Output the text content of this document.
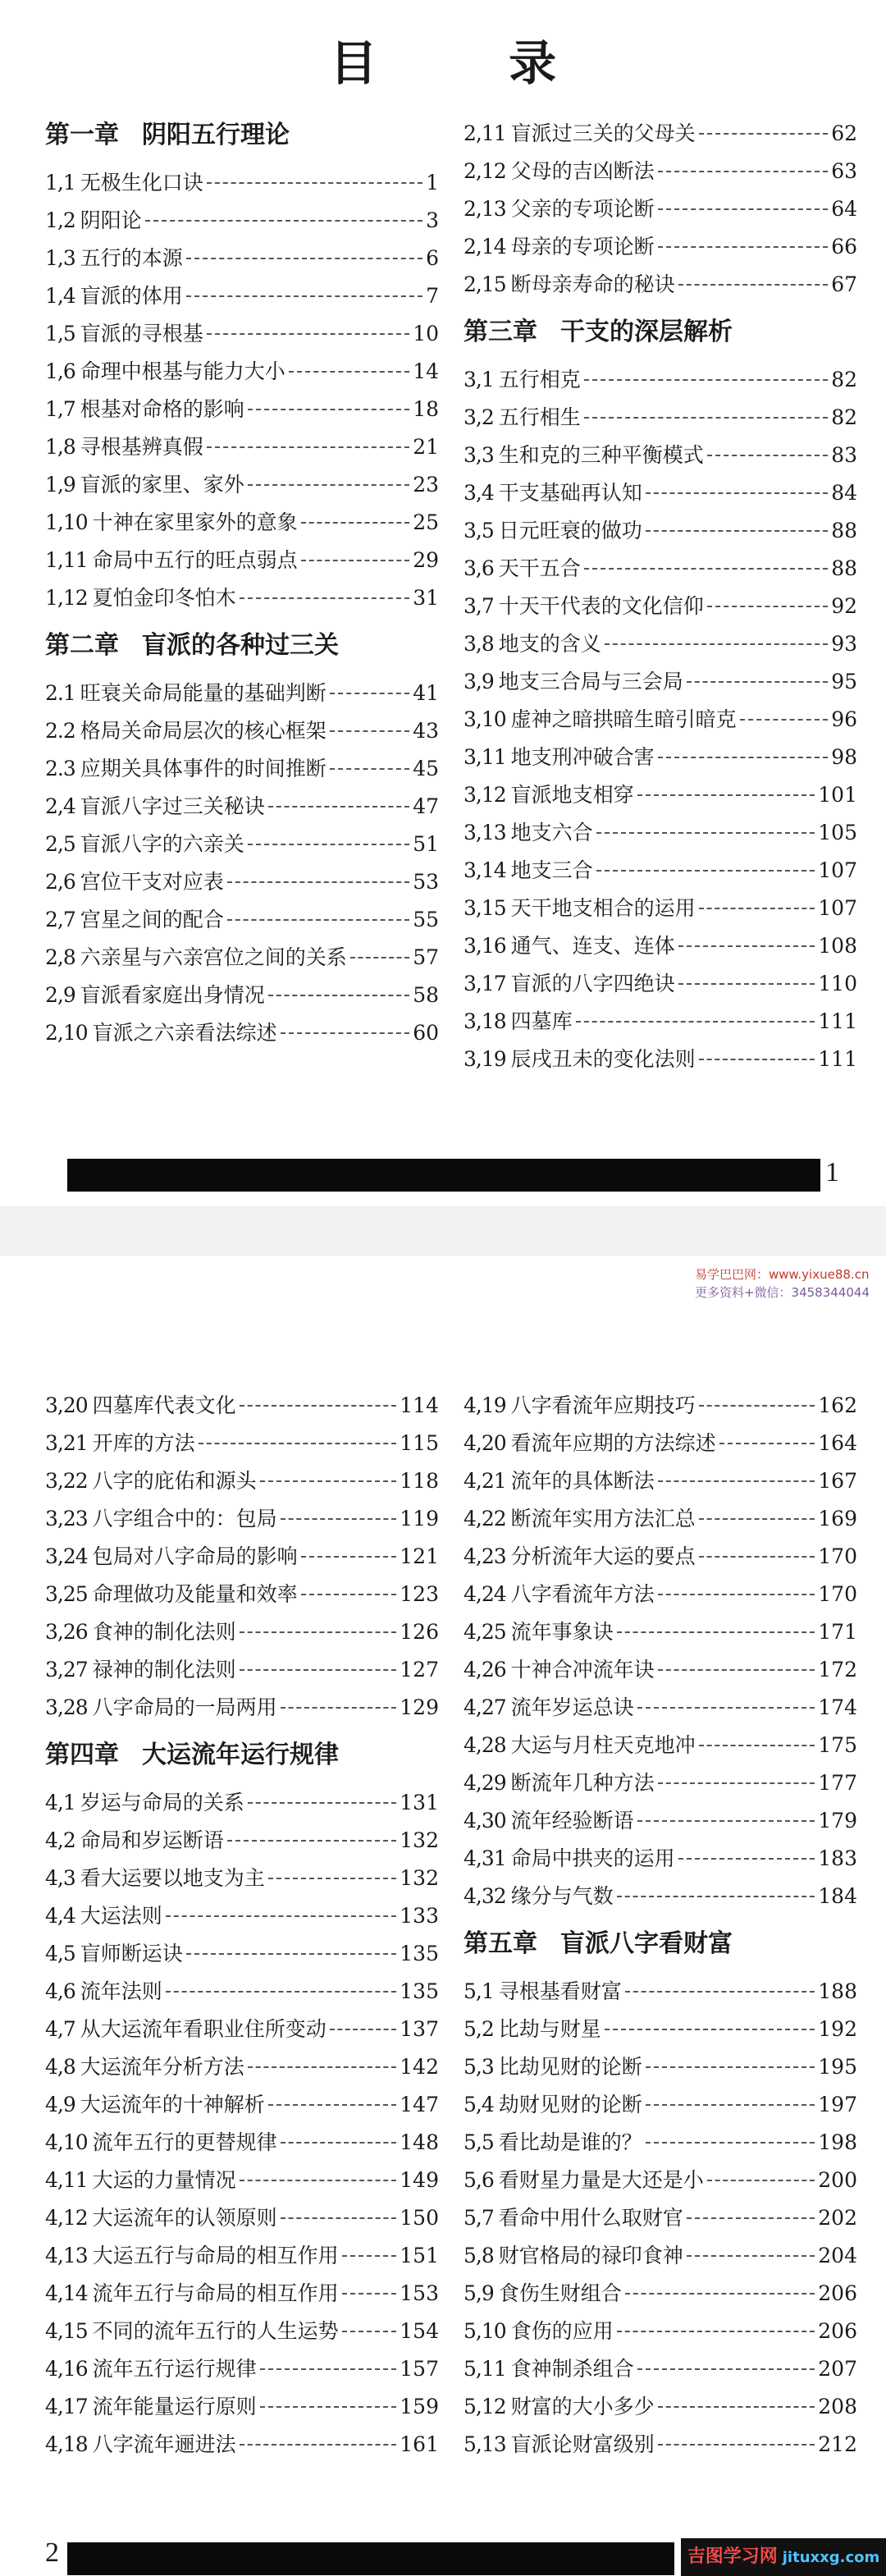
目 录
第一章 阴阳五行理论
1,1 无极生化口诀	1
1,2 阴阳论	3
1,3 五行的本源	6
1,4 盲派的体用	7
1,5 盲派的寻根基	10
1,6 命理中根基与能力大小	14
1,7 根基对命格的影响	18
1,8 寻根基辨真假	21
1,9 盲派的家里、家外	23
1,10 十神在家里家外的意象	25
1,11 命局中五行的旺点弱点	29
1,12 夏怕金印冬怕木	31
第二章 盲派的各种过三关
2.1 旺衰关命局能量的基础判断	41
2.2 格局关命局层次的核心框架	43
2.3 应期关具体事件的时间推断	45
2,4 盲派八字过三关秘诀	47
2,5 盲派八字的六亲关	51
2,6 宫位干支对应表	53
2,7 宫星之间的配合	55
2,8 六亲星与六亲宫位之间的关系	57
2,9 盲派看家庭出身情况	58
2,10 盲派之六亲看法综述	60
2,11 盲派过三关的父母关	62
2,12 父母的吉凶断法	63
2,13 父亲的专项论断	64
2,14 母亲的专项论断	66
2,15 断母亲寿命的秘诀	67
第三章 干支的深层解析
3,1 五行相克	82
3,2 五行相生	82
3,3 生和克的三种平衡模式	83
3,4 干支基础再认知	84
3,5 日元旺衰的做功	88
3,6 天干五合	88
3,7 十天干代表的文化信仰	92
3,8 地支的含义	93
3,9 地支三合局与三会局	95
3,10 虚神之暗拱暗生暗引暗克	96
3,11 地支刑冲破合害	98
3,12 盲派地支相穿	101
3,13 地支六合	105
3,14 地支三合	107
3,15 天干地支相合的运用	107
3,16 通气、连支、连体	108
3,17 盲派的八字四绝诀	110
3,18 四墓库	111
3,19 辰戌丑未的变化法则	111
1
易学巴巴网：www.yixue88.cn
更多资料+微信：3458344044
3,20 四墓库代表文化	114
3,21 开库的方法	115
3,22 八字的庇佑和源头	118
3,23 八字组合中的：包局	119
3,24 包局对八字命局的影响	121
3,25 命理做功及能量和效率	123
3,26 食神的制化法则	126
3,27 禄神的制化法则	127
3,28 八字命局的一局两用	129
第四章 大运流年运行规律
4,1 岁运与命局的关系	131
4,2 命局和岁运断语	132
4,3 看大运要以地支为主	132
4,4 大运法则	133
4,5 盲师断运诀	135
4,6 流年法则	135
4,7 从大运流年看职业住所变动	137
4,8 大运流年分析方法	142
4,9 大运流年的十神解析	147
4,10 流年五行的更替规律	148
4,11 大运的力量情况	149
4,12 大运流年的认领原则	150
4,13 大运五行与命局的相互作用	151
4,14 流年五行与命局的相互作用	153
4,15 不同的流年五行的人生运势	154
4,16 流年五行运行规律	157
4,17 流年能量运行原则	159
4,18 八字流年逦进法	161
4,19 八字看流年应期技巧	162
4,20 看流年应期的方法综述	164
4,21 流年的具体断法	167
4,22 断流年实用方法汇总	169
4,23 分析流年大运的要点	170
4,24 八字看流年方法	170
4,25 流年事象诀	171
4,26 十神合冲流年诀	172
4,27 流年岁运总诀	174
4,28 大运与月柱天克地冲	175
4,29 断流年几种方法	177
4,30 流年经验断语	179
4,31 命局中拱夹的运用	183
4,32 缘分与气数	184
第五章 盲派八字看财富
5,1 寻根基看财富	188
5,2 比劫与财星	192
5,3 比劫见财的论断	195
5,4 劫财见财的论断	197
5,5 看比劫是谁的？	198
5,6 看财星力量是大还是小	200
5,7 看命中用什么取财官	202
5,8 财官格局的禄印食神	204
5,9 食伤生财组合	206
5,10 食伤的应用	206
5,11 食神制杀组合	207
5,12 财富的大小多少	208
5,13 盲派论财富级别	212
2	吉图学习网 jituxxg.com
